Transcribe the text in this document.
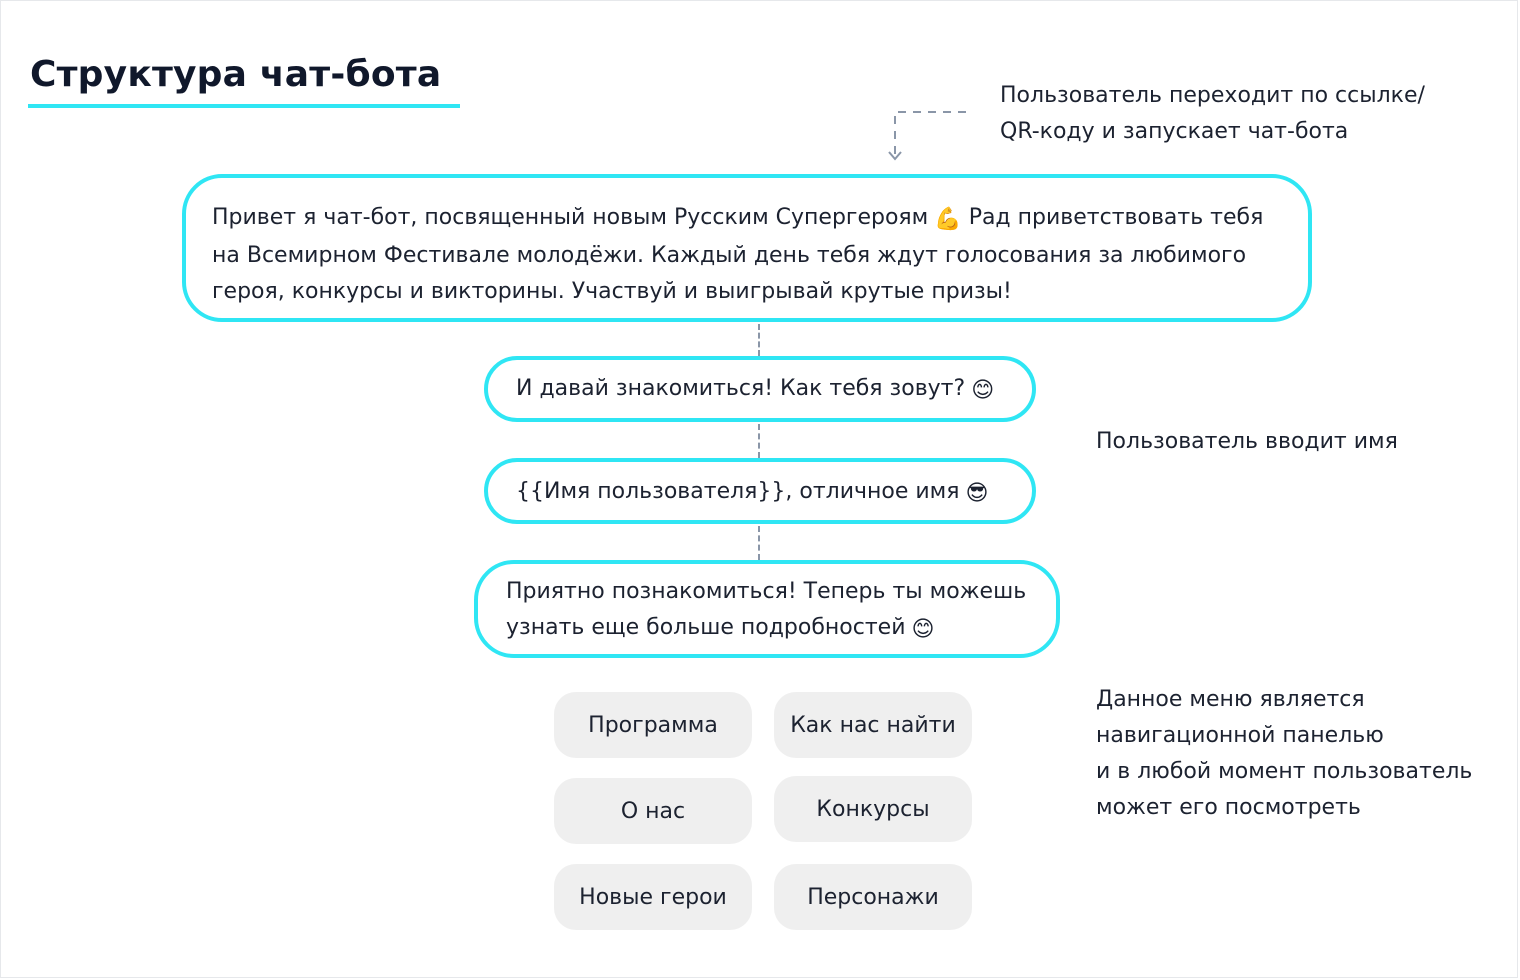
Структура чат-бота
Пользователь переходит по ссылке/
QR-коду и запускает чат-бота
Привет я чат-бот, посвященный новым Русским Супергероям 💪 Рад приветствовать тебя
на Всемирном Фестивале молодёжи. Каждый день тебя ждут голосования за любимого
героя, конкурсы и викторины. Участвуй и выигрывай крутые призы!
И давай знакомиться! Как тебя зовут? 😊
Пользователь вводит имя
{{Имя пользователя}}, отличное имя 😎
Приятно познакомиться! Теперь ты можешь
узнать еще больше подробностей 😊
Программа	Как нас найти
О нас	Конкурсы
Новые герои	Персонажи
Данное меню является
навигационной панелью
и в любой момент пользователь
может его посмотреть
